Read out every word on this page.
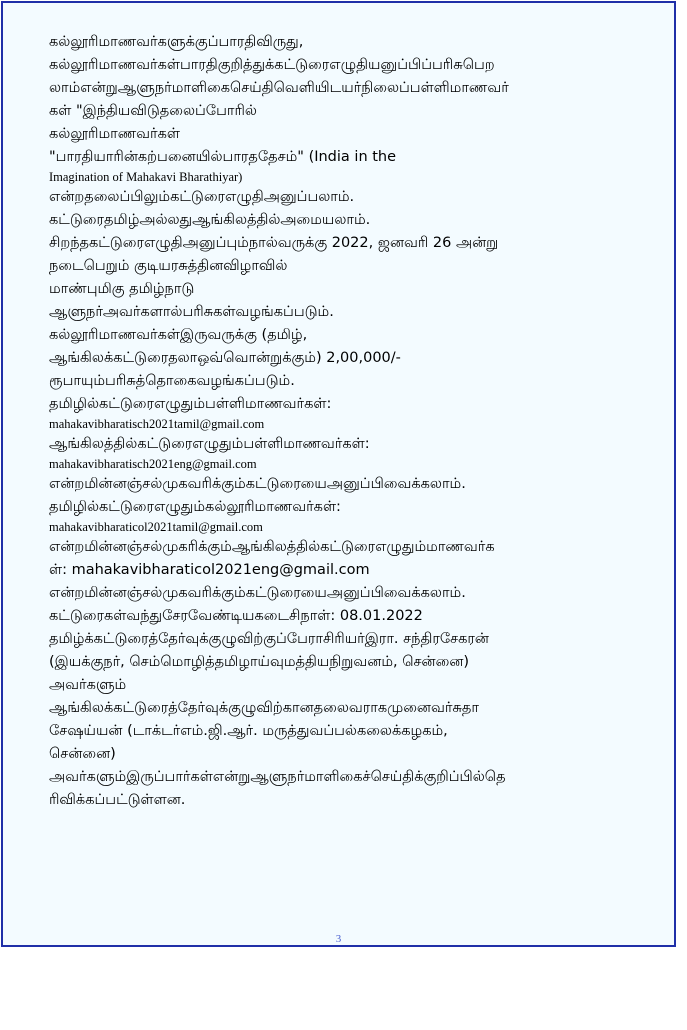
கல்லூரிமாணவர்களுக்குப்பாரதிவிருது,
கல்லூரிமாணவர்கள்பாரதிகுறித்துக்கட்டுரைஎழுதியனுப்பிப்பரிசுபெற
லாம்என்றுஆளுநர்மாளிகைசெய்திவெளியிடயர்நிலைப்பள்ளிமாணவர்
கள் "இந்தியவிடுதலைப்போரில்
கல்லூரிமாணவர்கள்
"பாரதியாரின்கற்பனையில்பாரததேசம்" (India in the
Imagination of Mahakavi Bharathiyar)
என்றதலைப்பிலும்கட்டுரைஎழுதிஅனுப்பலாம்.
கட்டுரைதமிழ்அல்லதுஆங்கிலத்தில்அமையலாம்.
சிறந்தகட்டுரைஎழுதிஅனுப்பும்நால்வருக்கு 2022, ஜனவரி 26 அன்று
நடைபெறும் குடியரசுத்தினவிழாவில்
மாண்புமிகு தமிழ்நாடு
ஆளுநர்அவர்களால்பரிசுகள்வழங்கப்படும்.
கல்லூரிமாணவர்கள்இருவருக்கு (தமிழ்,
ஆங்கிலக்கட்டுரைதலாஒவ்வொன்றுக்கும்) 2,00,000/-
ரூபாயும்பரிசுத்தொகைவழங்கப்படும்.
தமிழில்கட்டுரைஎழுதும்பள்ளிமாணவர்கள்:
mahakavibharatisch2021tamil@gmail.com
ஆங்கிலத்தில்கட்டுரைஎழுதும்பள்ளிமாணவர்கள்:
mahakavibharatisch2021eng@gmail.com
என்றமின்னஞ்சல்முகவரிக்கும்கட்டுரையைஅனுப்பிவைக்கலாம்.
தமிழில்கட்டுரைஎழுதும்கல்லூரிமாணவர்கள்:
mahakavibharaticol2021tamil@gmail.com
என்றமின்னஞ்சல்முகரிக்கும்ஆங்கிலத்தில்கட்டுரைஎழுதும்மாணவர்க
ள்: mahakavibharaticol2021eng@gmail.com
என்றமின்னஞ்சல்முகவரிக்கும்கட்டுரையைஅனுப்பிவைக்கலாம்.
கட்டுரைகள்வந்துசேரவேண்டியகடைசிநாள்: 08.01.2022
தமிழ்க்கட்டுரைத்தேர்வுக்குழுவிற்குப்பேராசிரியர்இரா. சந்திரசேகரன்
(இயக்குநர், செம்மொழித்தமிழாய்வுமத்தியநிறுவனம், சென்னை)
அவர்களும்
ஆங்கிலக்கட்டுரைத்தேர்வுக்குழுவிற்கானதலைவராகமுனைவர்சுதா
சேஷய்யன் (டாக்டர்எம்.ஜி.ஆர். மருத்துவப்பல்கலைக்கழகம்,
சென்னை)
அவர்களும்இருப்பார்கள்என்றுஆளுநர்மாளிகைச்செய்திக்குறிப்பில்தெ
ரிவிக்கப்பட்டுள்ளன.
3
